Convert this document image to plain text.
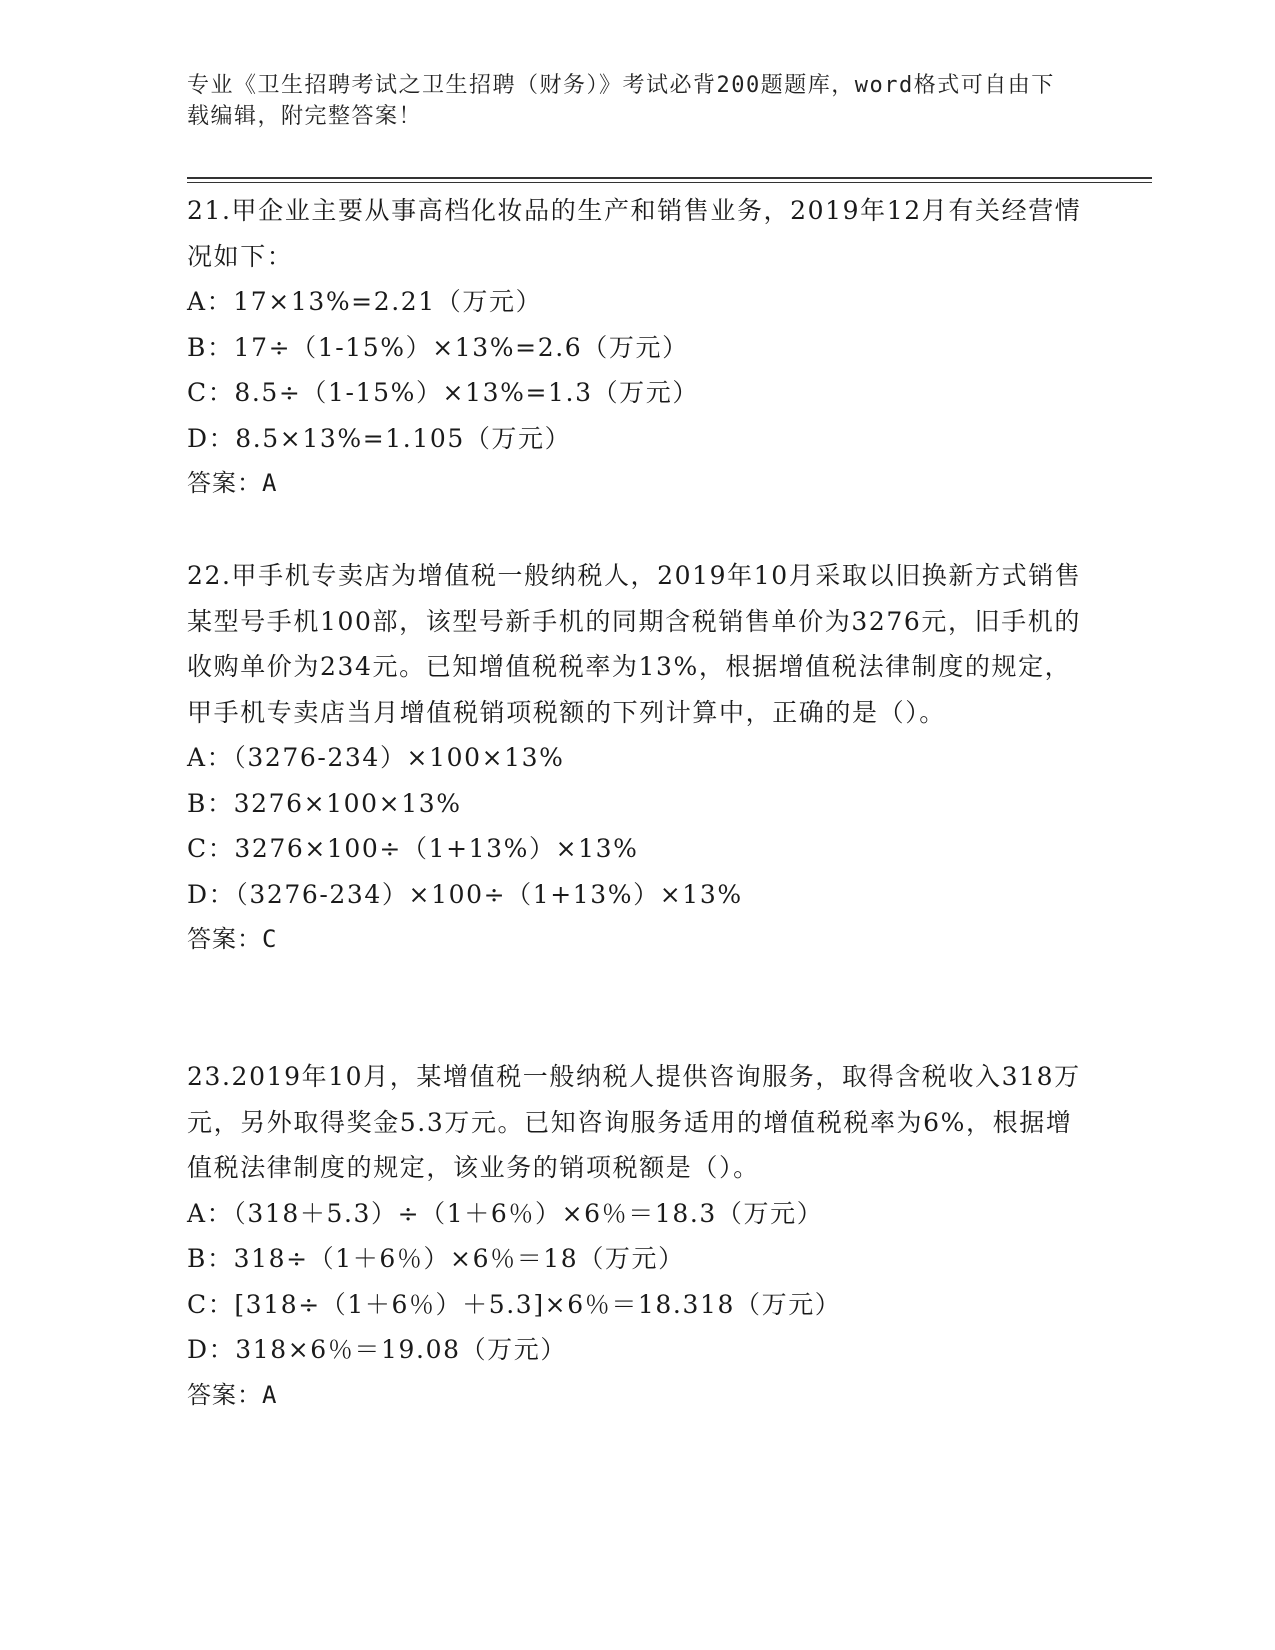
专业《卫生招聘考试之卫生招聘（财务）》考试必背200题题库，word格式可自由下载编辑，附完整答案！
21.甲企业主要从事高档化妆品的生产和销售业务，2019年12月有关经营情况如下：
A：17×13%=2.21（万元）
B：17÷（1-15%）×13%=2.6（万元）
C：8.5÷（1-15%）×13%=1.3（万元）
D：8.5×13%=1.105（万元）
答案：A
22.甲手机专卖店为增值税一般纳税人，2019年10月采取以旧换新方式销售某型号手机100部，该型号新手机的同期含税销售单价为3276元，旧手机的收购单价为234元。已知增值税税率为13%，根据增值税法律制度的规定，甲手机专卖店当月增值税销项税额的下列计算中，正确的是（）。
A：（3276-234）×100×13%
B：3276×100×13%
C：3276×100÷（1+13%）×13%
D：（3276-234）×100÷（1+13%）×13%
答案：C
23.2019年10月，某增值税一般纳税人提供咨询服务，取得含税收入318万元，另外取得奖金5.3万元。已知咨询服务适用的增值税税率为6%，根据增值税法律制度的规定，该业务的销项税额是（）。
A：（318＋5.3）÷（1＋6％）×6％＝18.3（万元）
B：318÷（1＋6％）×6％＝18（万元）
C：[318÷（1＋6％）＋5.3]×6％＝18.318（万元）
D：318×6％＝19.08（万元）
答案：A
